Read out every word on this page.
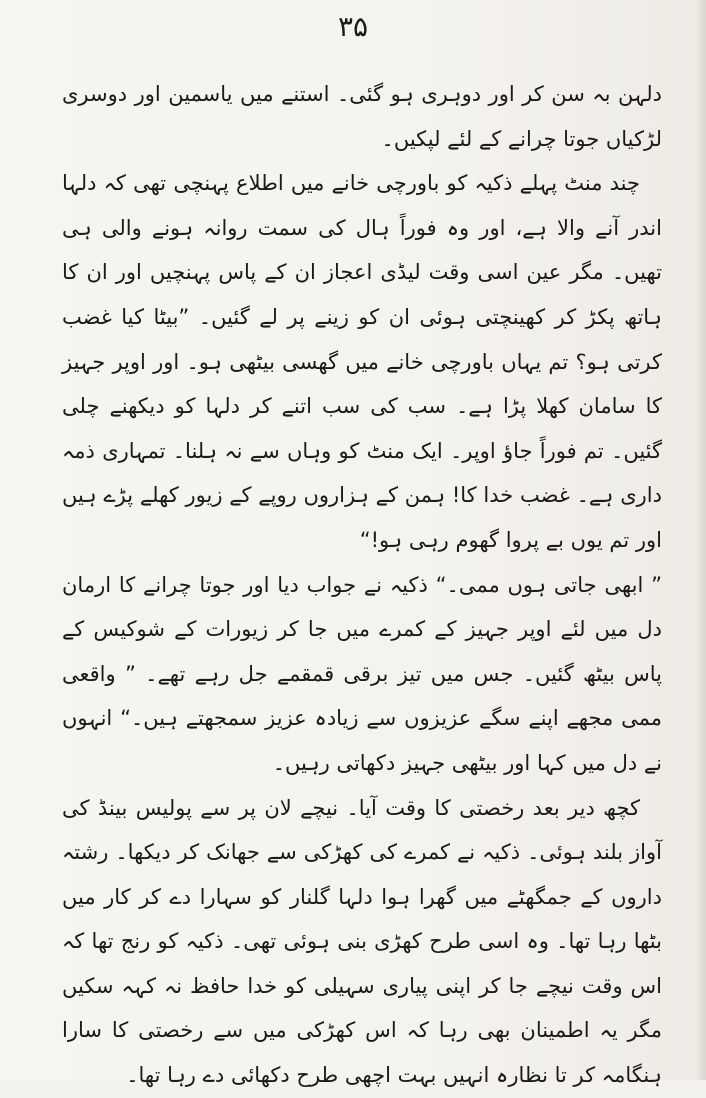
۳۵

دلہن بہ سن کر اور دوہری ہو گئی۔ استنے میں یاسمین اور دوسری لڑکیاں جوتا چرانے کے لئے لپکیں۔

چند منٹ پہلے ذکیہ کو باورچی خانے میں اطلاع پہنچی تھی کہ دلہا اندر آنے والا ہے، اور وہ فوراً ہال کی سمت روانہ ہونے والی ہی تھیں۔ مگر عین اسی وقت لیڈی اعجاز ان کے پاس پہنچیں اور ان کا ہاتھ پکڑ کر کھینچتی ہوئی ان کو زینے پر لے گئیں۔ ”بیٹا کیا غضب کرتی ہو؟ تم یہاں باورچی خانے میں گھسی بیٹھی ہو۔ اور اوپر جہیز کا سامان کھلا پڑا ہے۔ سب کی سب اتنے کر دلہا کو دیکھنے چلی گئیں۔ تم فوراً جاؤ اوپر۔ ایک منٹ کو وہاں سے نہ ہلنا۔ تمہاری ذمہ داری ہے۔ غضب خدا کا! ہمن کے ہزاروں روپے کے زیور کھلے پڑے ہیں اور تم یوں بے پروا گھوم رہی ہو!“

” ابھی جاتی ہوں ممی۔“ ذکیہ نے جواب دیا اور جوتا چرانے کا ارمان دل میں لئے اوپر جہیز کے کمرے میں جا کر زیورات کے شوکیس کے پاس بیٹھ گئیں۔ جس میں تیز برقی قمقمے جل رہے تھے۔ ” واقعی ممی مجھے اپنے سگے عزیزوں سے زیادہ عزیز سمجھتے ہیں۔“ انہوں نے دل میں کہا اور بیٹھی جہیز دکھاتی رہیں۔

کچھ دیر بعد رخصتی کا وقت آیا۔ نیچے لان پر سے پولیس بینڈ کی آواز بلند ہوئی۔ ذکیہ نے کمرے کی کھڑکی سے جھانک کر دیکھا۔ رشتہ داروں کے جمگھٹے میں گھرا ہوا دلہا گلنار کو سہارا دے کر کار میں بٹھا رہا تھا۔ وہ اسی طرح کھڑی بنی ہوئی تھی۔ ذکیہ کو رنج تھا کہ اس وقت نیچے جا کر اپنی پیاری سہیلی کو خدا حافظ نہ کہہ سکیں مگر یہ اطمینان بھی رہا کہ اس کھڑکی میں سے رخصتی کا سارا ہنگامہ کر تا نظارہ انہیں بہت اچھی طرح دکھائی دے رہا تھا۔
